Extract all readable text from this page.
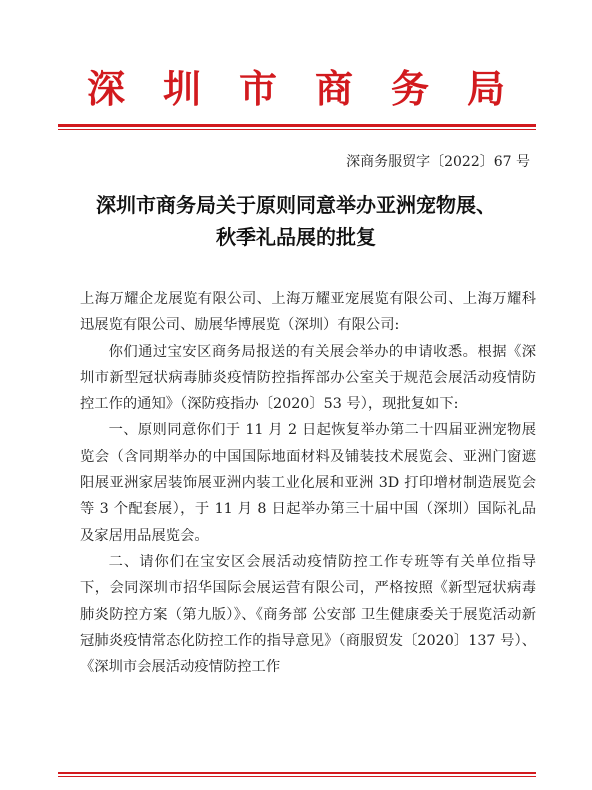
深圳市商务局
深商务服贸字〔2022〕67 号
深圳市商务局关于原则同意举办亚洲宠物展、
秋季礼品展的批复

上海万耀企龙展览有限公司、上海万耀亚宠展览有限公司、上海万耀科迅展览有限公司、励展华博展览（深圳）有限公司:

你们通过宝安区商务局报送的有关展会举办的申请收悉。根据《深圳市新型冠状病毒肺炎疫情防控指挥部办公室关于规范会展活动疫情防控工作的通知》（深防疫指办〔2020〕53 号），现批复如下:

一、原则同意你们于 11 月 2 日起恢复举办第二十四届亚洲宠物展览会（含同期举办的中国国际地面材料及铺装技术展览会、亚洲门窗遮阳展亚洲家居装饰展亚洲内装工业化展和亚洲 3D 打印增材制造展览会等 3 个配套展），于 11 月 8 日起举办第三十届中国（深圳）国际礼品及家居用品展览会。

二、请你们在宝安区会展活动疫情防控工作专班等有关单位指导下，会同深圳市招华国际会展运营有限公司，严格按照《新型冠状病毒肺炎防控方案（第九版）》、《商务部 公安部 卫生健康委关于展览活动新冠肺炎疫情常态化防控工作的指导意见》（商服贸发〔2020〕137 号）、《深圳市会展活动疫情防控工作
